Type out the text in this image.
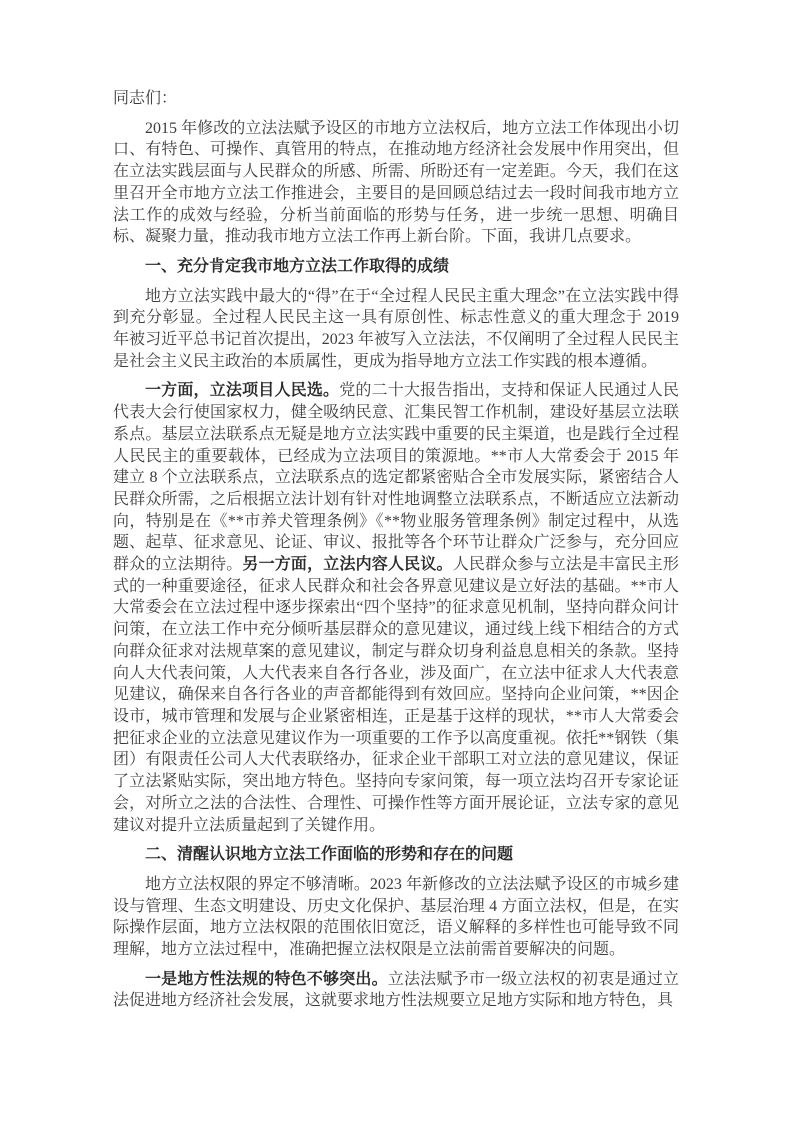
同志们：

2015 年修改的立法法赋予设区的市地方立法权后，地方立法工作体现出小切口、有特色、可操作、真管用的特点，在推动地方经济社会发展中作用突出，但在立法实践层面与人民群众的所感、所需、所盼还有一定差距。今天，我们在这里召开全市地方立法工作推进会，主要目的是回顾总结过去一段时间我市地方立法工作的成效与经验，分析当前面临的形势与任务，进一步统一思想、明确目标、凝聚力量，推动我市地方立法工作再上新台阶。下面，我讲几点要求。

一、充分肯定我市地方立法工作取得的成绩

地方立法实践中最大的“得”在于“全过程人民民主重大理念”在立法实践中得到充分彰显。全过程人民民主这一具有原创性、标志性意义的重大理念于 2019 年被习近平总书记首次提出，2023 年被写入立法法，不仅阐明了全过程人民民主是社会主义民主政治的本质属性，更成为指导地方立法工作实践的根本遵循。

一方面，立法项目人民选。党的二十大报告指出，支持和保证人民通过人民代表大会行使国家权力，健全吸纳民意、汇集民智工作机制，建设好基层立法联系点。基层立法联系点无疑是地方立法实践中重要的民主渠道，也是践行全过程人民民主的重要载体，已经成为立法项目的策源地。**市人大常委会于 2015 年建立 8 个立法联系点，立法联系点的选定都紧密贴合全市发展实际，紧密结合人民群众所需，之后根据立法计划有针对性地调整立法联系点，不断适应立法新动向，特别是在《**市养犬管理条例》《**物业服务管理条例》制定过程中，从选题、起草、征求意见、论证、审议、报批等各个环节让群众广泛参与，充分回应群众的立法期待。另一方面，立法内容人民议。人民群众参与立法是丰富民主形式的一种重要途径，征求人民群众和社会各界意见建议是立好法的基础。**市人大常委会在立法过程中逐步探索出“四个坚持”的征求意见机制，坚持向群众问计问策，在立法工作中充分倾听基层群众的意见建议，通过线上线下相结合的方式向群众征求对法规草案的意见建议，制定与群众切身利益息息相关的条款。坚持向人大代表问策，人大代表来自各行各业，涉及面广，在立法中征求人大代表意见建议，确保来自各行各业的声音都能得到有效回应。坚持向企业问策，**因企设市，城市管理和发展与企业紧密相连，正是基于这样的现状，**市人大常委会把征求企业的立法意见建议作为一项重要的工作予以高度重视。依托**钢铁（集团）有限责任公司人大代表联络办，征求企业干部职工对立法的意见建议，保证了立法紧贴实际，突出地方特色。坚持向专家问策，每一项立法均召开专家论证会，对所立之法的合法性、合理性、可操作性等方面开展论证，立法专家的意见建议对提升立法质量起到了关键作用。

二、清醒认识地方立法工作面临的形势和存在的问题

地方立法权限的界定不够清晰。2023 年新修改的立法法赋予设区的市城乡建设与管理、生态文明建设、历史文化保护、基层治理 4 方面立法权，但是，在实际操作层面，地方立法权限的范围依旧宽泛，语义解释的多样性也可能导致不同理解，地方立法过程中，准确把握立法权限是立法前需首要解决的问题。

一是地方性法规的特色不够突出。立法法赋予市一级立法权的初衷是通过立法促进地方经济社会发展，这就要求地方性法规要立足地方实际和地方特色，具
